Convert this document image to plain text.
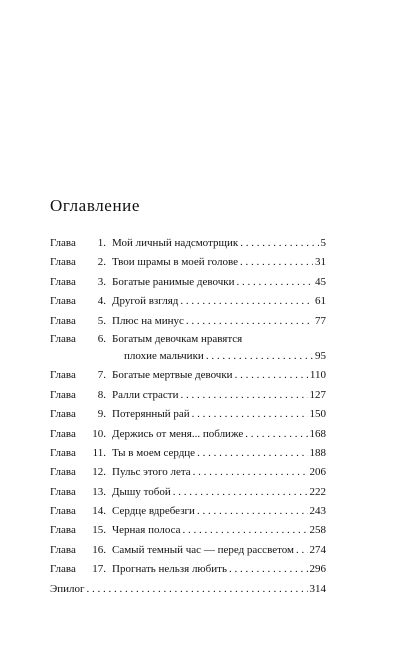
Оглавление
Глава	1. Мой личный надсмотрщик . . .	5
Глава	2. Твои шрамы в моей голове . . .	31
Глава	3. Богатые ранимые девочки . . .	45
Глава	4. Другой взгляд . . .	61
Глава	5. Плюс на минус . . .	77
Глава	6. Богатым девочкам нравятся
плохие мальчики . . .	95
Глава	7. Богатые мертвые девочки . . .	110
Глава	8. Ралли страсти . . .	127
Глава	9. Потерянный рай . . .	150
Глава	10. Держись от меня... поближе . . .	168
Глава	11. Ты в моем сердце . . .	188
Глава	12. Пульс этого лета . . .	206
Глава	13. Дышу тобой . . .	222
Глава	14. Сердце вдребезги . . .	243
Глава	15. Черная полоса . . .	258
Глава	16. Самый темный час — перед рассветом . . . 274
Глава	17. Прогнать нельзя любить . . .	296
Эпилог . . .	314
